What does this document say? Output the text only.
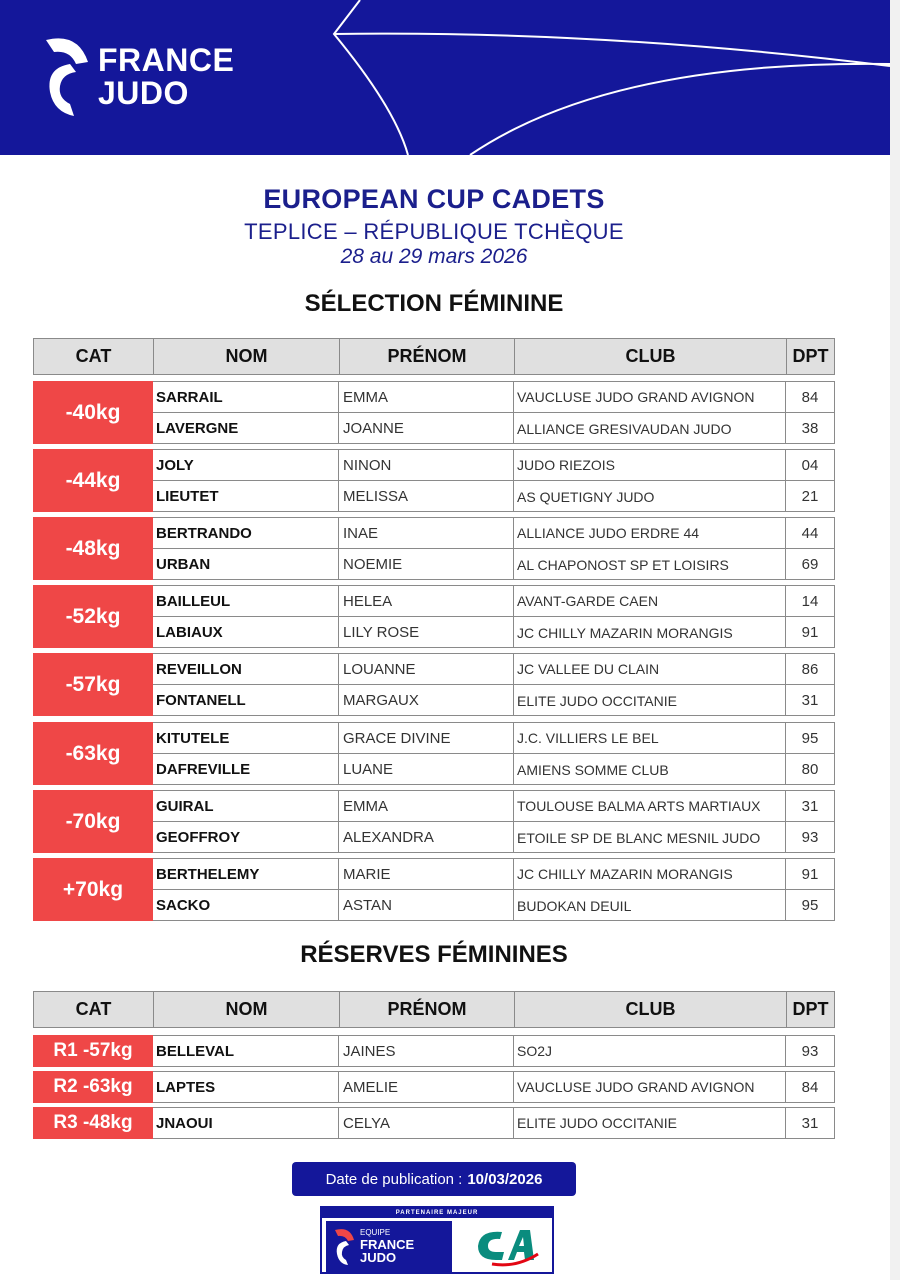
FRANCE
JUDO
EUROPEAN CUP CADETS
TEPLICE – RÉPUBLIQUE TCHÈQUE
28 au 29 mars 2026
SÉLECTION FÉMININE
CAT	NOM	PRÉNOM	CLUB	DPT
-40kg
SARRAIL	EMMA	VAUCLUSE JUDO GRAND AVIGNON	84
LAVERGNE	JOANNE	ALLIANCE GRESIVAUDAN JUDO	38
-44kg
JOLY	NINON	JUDO RIEZOIS	04
LIEUTET	MELISSA	AS QUETIGNY JUDO	21
-48kg
BERTRANDO	INAE	ALLIANCE JUDO ERDRE 44	44
URBAN	NOEMIE	AL CHAPONOST SP ET LOISIRS	69
-52kg
BAILLEUL	HELEA	AVANT-GARDE CAEN	14
LABIAUX	LILY ROSE	JC CHILLY MAZARIN MORANGIS	91
-57kg
REVEILLON	LOUANNE	JC VALLEE DU CLAIN	86
FONTANELL	MARGAUX	ELITE JUDO OCCITANIE	31
-63kg
KITUTELE	GRACE DIVINE	J.C. VILLIERS LE BEL	95
DAFREVILLE	LUANE	AMIENS SOMME CLUB	80
-70kg
GUIRAL	EMMA	TOULOUSE BALMA ARTS MARTIAUX	31
GEOFFROY	ALEXANDRA	ETOILE SP DE BLANC MESNIL JUDO	93
+70kg
BERTHELEMY	MARIE	JC CHILLY MAZARIN MORANGIS	91
SACKO	ASTAN	BUDOKAN DEUIL	95
RÉSERVES FÉMININES
CAT	NOM	PRÉNOM	CLUB	DPT
R1 -57kg	BELLEVAL	JAINES	SO2J	93
R2 -63kg	LAPTES	AMELIE	VAUCLUSE JUDO GRAND AVIGNON	84
R3 -48kg	JNAOUI	CELYA	ELITE JUDO OCCITANIE	31
Date de publication : 10/03/2026
PARTENAIRE MAJEUR
EQUIPE
FRANCE
JUDO
